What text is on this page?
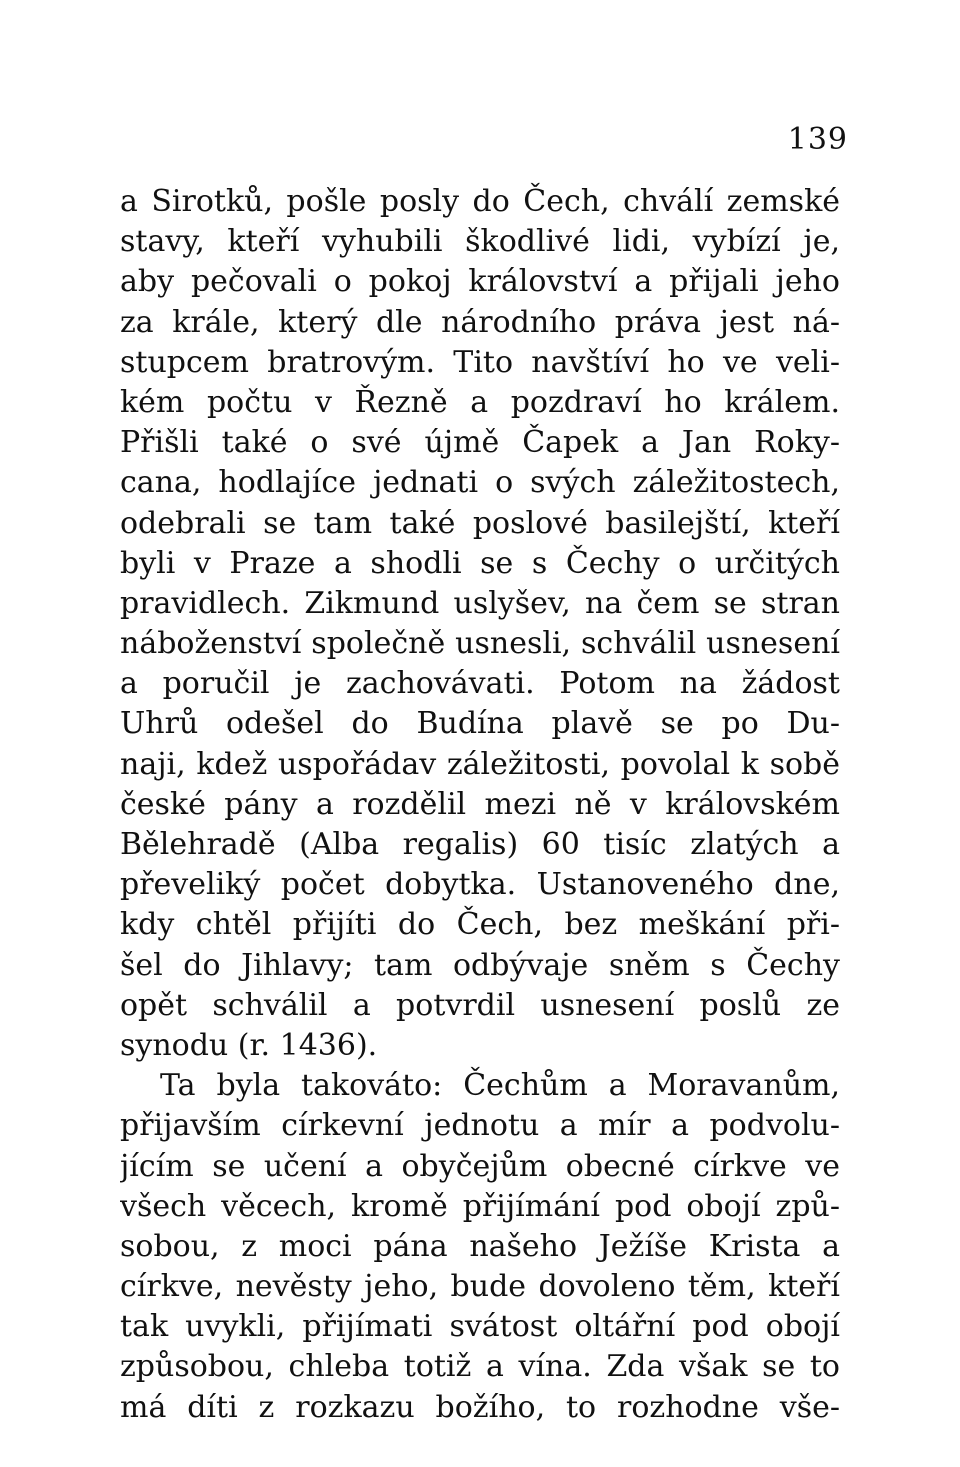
139
a Sirotků, pošle posly do Čech, chválí zemské
stavy, kteří vyhubili škodlivé lidi, vybízí je,
aby pečovali o pokoj království a přijali jeho
za krále, který dle národního práva jest ná-
stupcem bratrovým. Tito navštíví ho ve veli-
kém počtu v Řezně a pozdraví ho králem.
Přišli také o své újmě Čapek a Jan Roky-
cana, hodlajíce jednati o svých záležitostech,
odebrali se tam také poslové basilejští, kteří
byli v Praze a shodli se s Čechy o určitých
pravidlech. Zikmund uslyšev, na čem se stran
náboženství společně usnesli, schválil usnesení
a poručil je zachovávati. Potom na žádost
Uhrů odešel do Budína plavě se po Du-
naji, kdež uspořádav záležitosti, povolal k sobě
české pány a rozdělil mezi ně v královském
Bělehradě (Alba regalis) 60 tisíc zlatých a
převeliký počet dobytka. Ustanoveného dne,
kdy chtěl přijíti do Čech, bez meškání při-
šel do Jihlavy; tam odbývaje sněm s Čechy
opět schválil a potvrdil usnesení poslů ze
synodu (r. 1436).
Ta byla takováto: Čechům a Moravanům,
přijavším církevní jednotu a mír a podvolu-
jícím se učení a obyčejům obecné církve ve
všech věcech, kromě přijímání pod obojí způ-
sobou, z moci pána našeho Ježíše Krista a
církve, nevěsty jeho, bude dovoleno těm, kteří
tak uvykli, přijímati svátost oltářní pod obojí
způsobou, chleba totiž a vína. Zda však se to
má díti z rozkazu božího, to rozhodne vše-
